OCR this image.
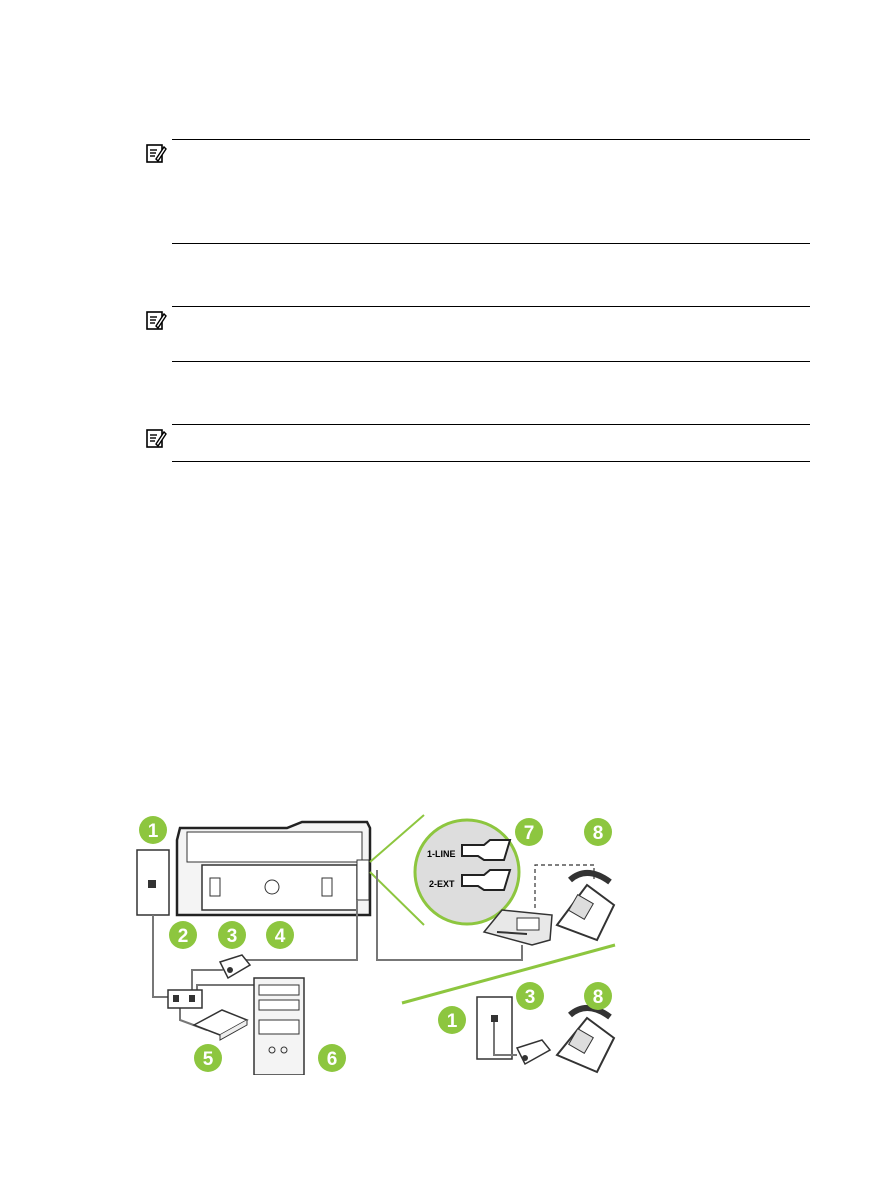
1-LINE
2-EXT
1
2 3 4
5	6
7	8
1
3	8
